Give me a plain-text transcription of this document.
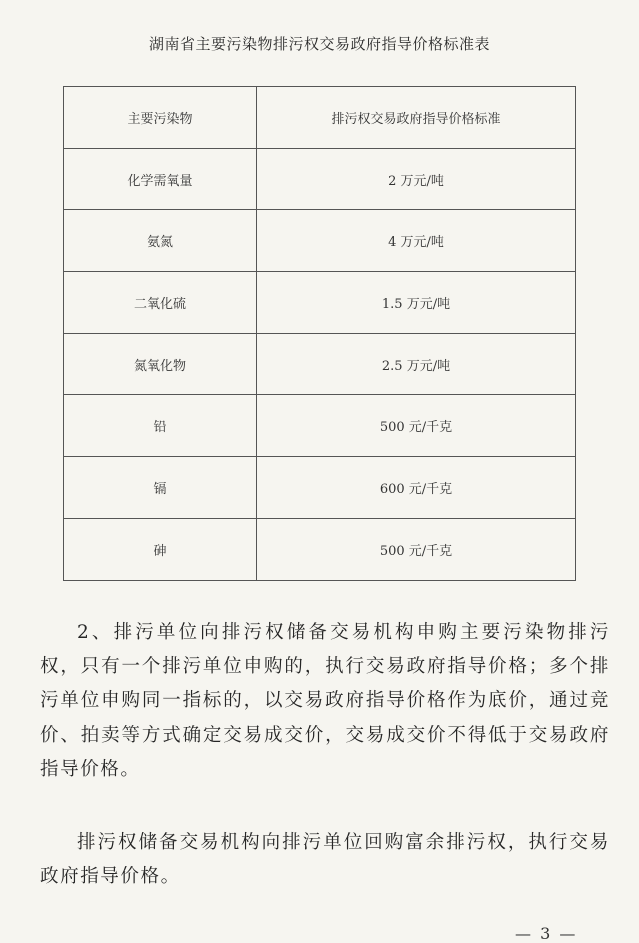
湖南省主要污染物排污权交易政府指导价格标准表
主要污染物	排污权交易政府指导价格标准
化学需氧量	2 万元/吨
氨氮	4 万元/吨
二氧化硫	1.5 万元/吨
氮氧化物	2.5 万元/吨
铅	500 元/千克
镉	600 元/千克
砷	500 元/千克

2、排污单位向排污权储备交易机构申购主要污染物排污权，只有一个排污单位申购的，执行交易政府指导价格；多个排污单位申购同一指标的，以交易政府指导价格作为底价，通过竞价、拍卖等方式确定交易成交价，交易成交价不得低于交易政府指导价格。

排污权储备交易机构向排污单位回购富余排污权，执行交易政府指导价格。

— 3 —
